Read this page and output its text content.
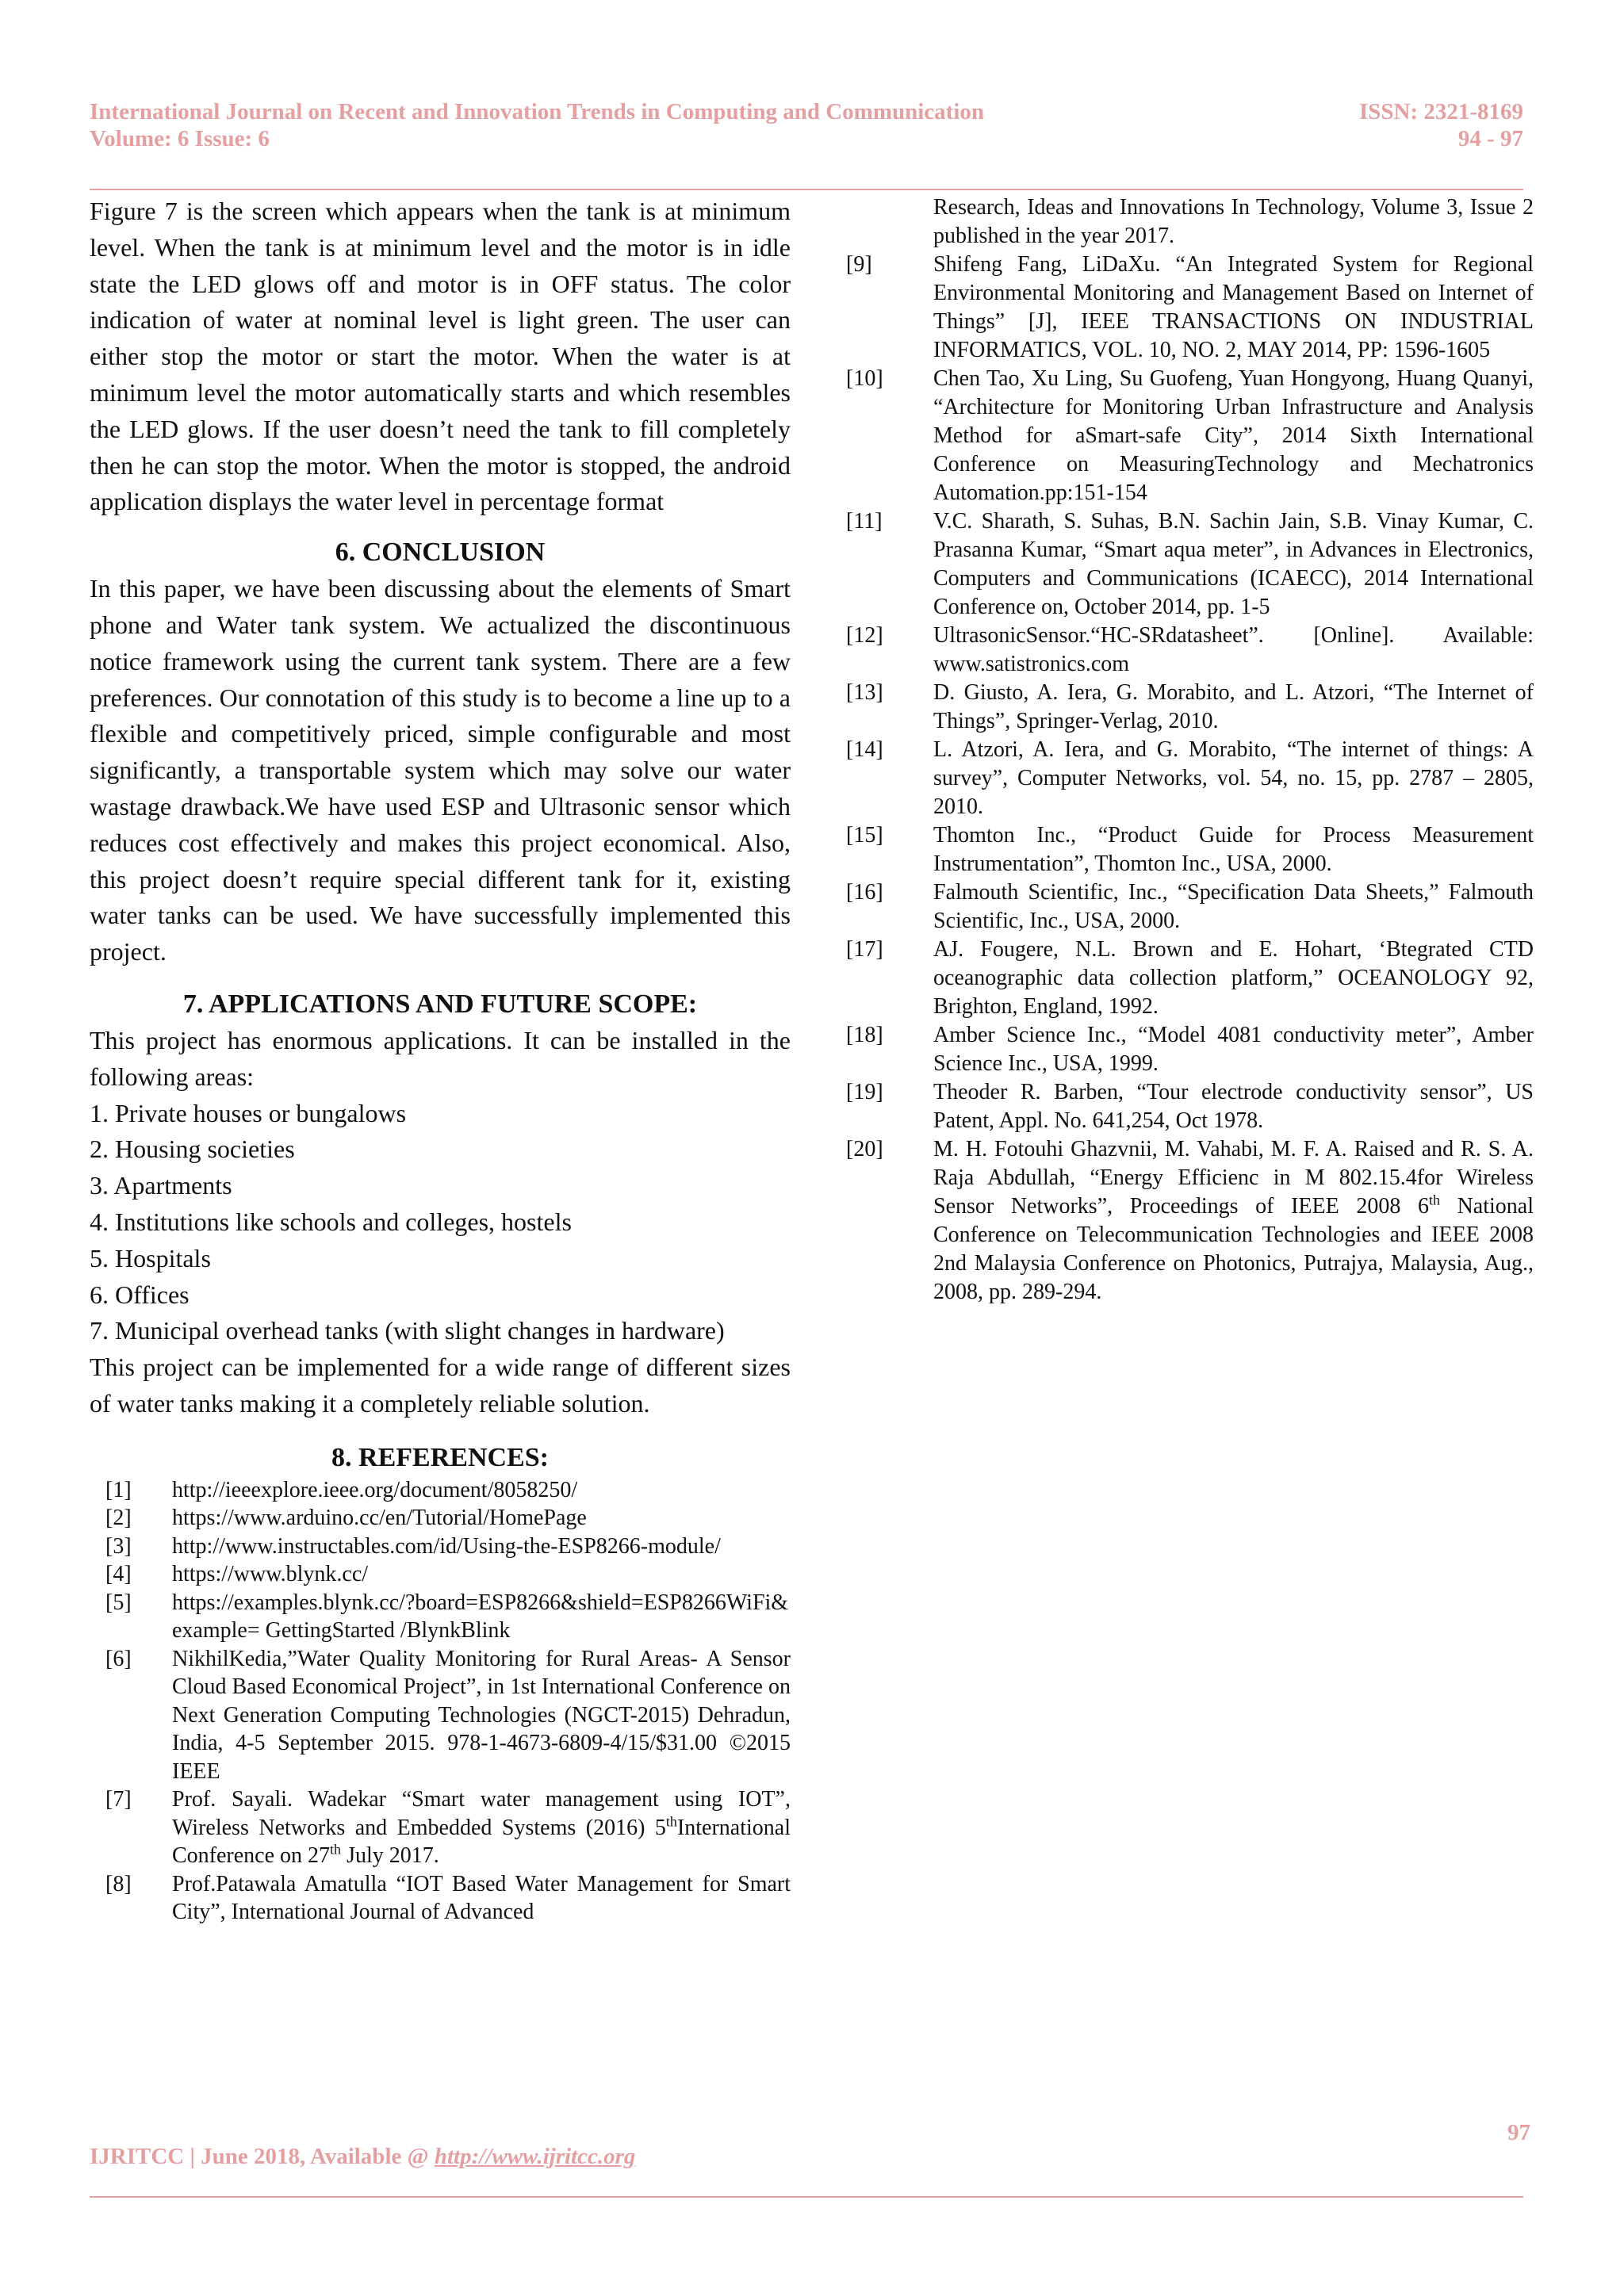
International Journal on Recent and Innovation Trends in Computing and Communication
Volume: 6 Issue: 6
ISSN: 2321-8169
94 - 97

Figure 7 is the screen which appears when the tank is at minimum level. When the tank is at minimum level and the motor is in idle state the LED glows off and motor is in OFF status. The color indication of water at nominal level is light green. The user can either stop the motor or start the motor. When the water is at minimum level the motor automatically starts and which resembles the LED glows. If the user doesn’t need the tank to fill completely then he can stop the motor. When the motor is stopped, the android application displays the water level in percentage format

6. CONCLUSION

In this paper, we have been discussing about the elements of Smart phone and Water tank system. We actualized the discontinuous notice framework using the current tank system. There are a few preferences. Our connotation of this study is to become a line up to a flexible and competitively priced, simple configurable and most significantly, a transportable system which may solve our water wastage drawback.We have used ESP and Ultrasonic sensor which reduces cost effectively and makes this project economical. Also, this project doesn’t require special different tank for it, existing water tanks can be used. We have successfully implemented this project.

7. APPLICATIONS AND FUTURE SCOPE:

This project has enormous applications. It can be installed in the following areas:

1. Private houses or bungalows
2. Housing societies
3. Apartments
4. Institutions like schools and colleges, hostels
5. Hospitals
6. Offices
7. Municipal overhead tanks (with slight changes in hardware)

This project can be implemented for a wide range of different sizes of water tanks making it a completely reliable solution.

8. REFERENCES:

[1]	http://ieeexplore.ieee.org/document/8058250/
[2]	https://www.arduino.cc/en/Tutorial/HomePage
[3]	http://www.instructables.com/id/Using-the-ESP8266-module/
[4]	https://www.blynk.cc/
[5]	https://examples.blynk.cc/?board=ESP8266&shield=ESP8266WiFi&example= GettingStarted /BlynkBlink
[6]	NikhilKedia,”Water Quality Monitoring for Rural Areas- A Sensor Cloud Based Economical Project”, in 1st International Conference on Next Generation Computing Technologies (NGCT-2015) Dehradun, India, 4-5 September 2015. 978-1-4673-6809-4/15/$31.00 ©2015 IEEE
[7]	Prof. Sayali. Wadekar “Smart water management using IOT”, Wireless Networks and Embedded Systems (2016) 5thInternational Conference on 27th July 2017.
[8]	Prof.Patawala Amatulla “IOT Based Water Management for Smart City”, International Journal of Advanced
Research, Ideas and Innovations In Technology, Volume 3, Issue 2 published in the year 2017.
[9]	Shifeng Fang, LiDaXu. “An Integrated System for Regional Environmental Monitoring and Management Based on Internet of Things” [J], IEEE TRANSACTIONS ON INDUSTRIAL INFORMATICS, VOL. 10, NO. 2, MAY 2014, PP: 1596-1605
[10]	Chen Tao, Xu Ling, Su Guofeng, Yuan Hongyong, Huang Quanyi, “Architecture for Monitoring Urban Infrastructure and Analysis Method for aSmart-safe City”, 2014 Sixth International Conference on MeasuringTechnology and Mechatronics Automation.pp:151-154
[11]	V.C. Sharath, S. Suhas, B.N. Sachin Jain, S.B. Vinay Kumar, C. Prasanna Kumar, “Smart aqua meter”, in Advances in Electronics, Computers and Communications (ICAECC), 2014 International Conference on, October 2014, pp. 1-5
[12]	UltrasonicSensor.“HC-SRdatasheet”. [Online]. Available: www.satistronics.com
[13]	D. Giusto, A. Iera, G. Morabito, and L. Atzori, “The Internet of Things”, Springer-Verlag, 2010.
[14]	L. Atzori, A. Iera, and G. Morabito, “The internet of things: A survey”, Computer Networks, vol. 54, no. 15, pp. 2787 – 2805, 2010.
[15]	Thomton Inc., “Product Guide for Process Measurement Instrumentation”, Thomton Inc., USA, 2000.
[16]	Falmouth Scientific, Inc., “Specification Data Sheets,” Falmouth Scientific, Inc., USA, 2000.
[17]	AJ. Fougere, N.L. Brown and E. Hohart, ‘Btegrated CTD oceanographic data collection platform,” OCEANOLOGY 92, Brighton, England, 1992.
[18]	Amber Science Inc., “Model 4081 conductivity meter”, Amber Science Inc., USA, 1999.
[19]	Theoder R. Barben, “Tour electrode conductivity sensor”, US Patent, Appl. No. 641,254, Oct 1978.
[20]	M. H. Fotouhi Ghazvnii, M. Vahabi, M. F. A. Raised and R. S. A. Raja Abdullah, “Energy Efficienc in M 802.15.4for Wireless Sensor Networks”, Proceedings of IEEE 2008 6th National Conference on Telecommunication Technologies and IEEE 2008 2nd Malaysia Conference on Photonics, Putrajya, Malaysia, Aug., 2008, pp. 289-294.
97
IJRITCC | June 2018, Available @ http://www.ijritcc.org
